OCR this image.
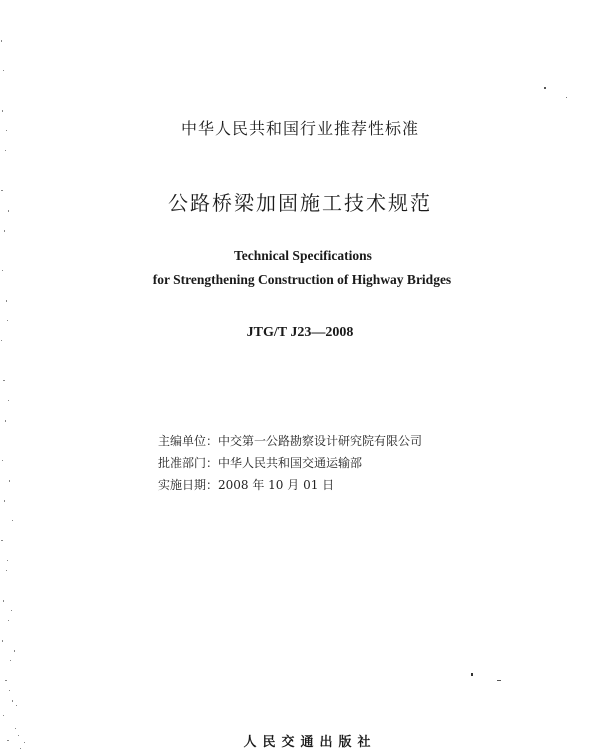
中华人民共和国行业推荐性标准
公路桥梁加固施工技术规范
Technical Specifications
for Strengthening Construction of Highway Bridges
JTG/T J23—2008
主编单位：中交第一公路勘察设计研究院有限公司
批准部门：中华人民共和国交通运输部
实施日期：2008 年 10 月 01 日
人民交通出版社
